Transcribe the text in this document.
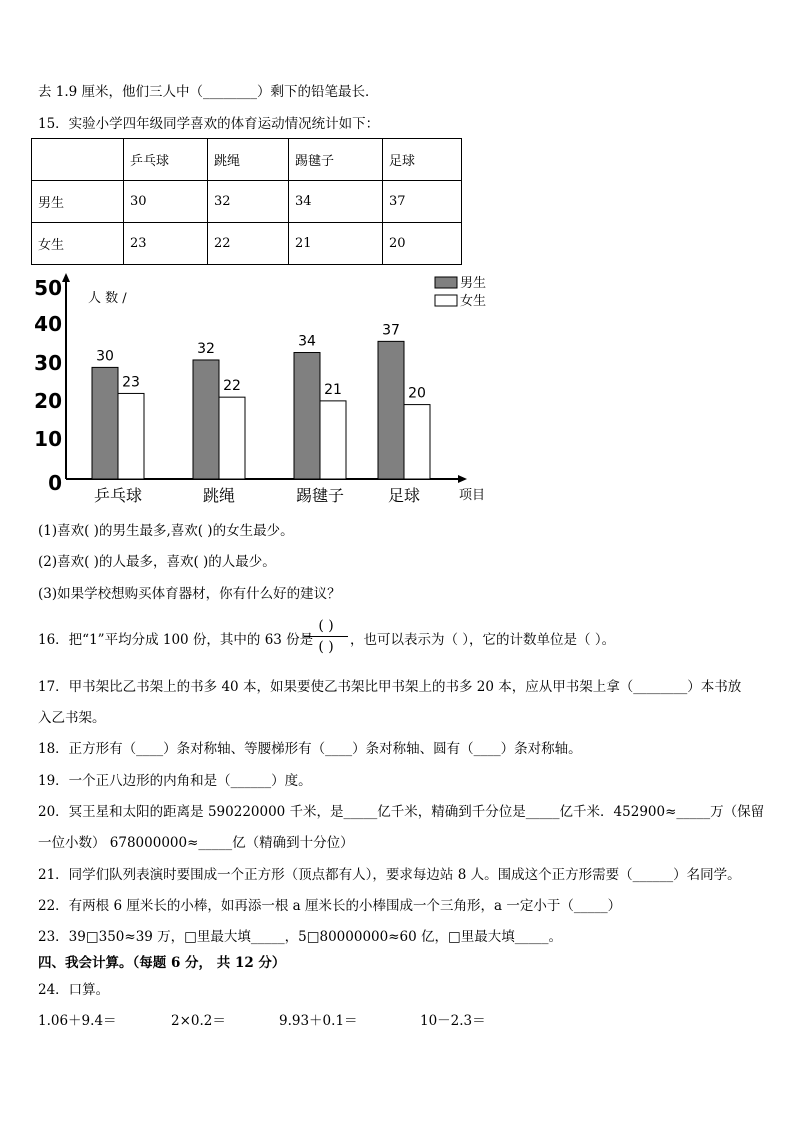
去 1.9 厘米，他们三人中（________）剩下的铅笔最长．
15．实验小学四年级同学喜欢的体育运动情况统计如下：
	乒乓球	跳绳	踢毽子	足球
男生	30	32	34	37
女生	23	22	21	20
0
10
20
30
40
50 人 数 /
项目
30
23
乒乓球
32
22
跳绳
34
21
踢毽子
37
20
足球
男生
女生
(1)喜欢( )的男生最多,喜欢( )的女生最少。
(2)喜欢( )的人最多，喜欢( )的人最少。
(3)如果学校想购买体育器材，你有什么好的建议？
16．把“1”平均分成 100 份，其中的 63 份是
( )
( )	，也可以表示为（ ），它的计数单位是（ ）。
17．甲书架比乙书架上的书多 40 本，如果要使乙书架比甲书架上的书多 20 本，应从甲书架上拿（________）本书放
入乙书架。
18．正方形有（____）条对称轴、等腰梯形有（____）条对称轴、圆有（____）条对称轴。
19．一个正八边形的内角和是（______）度。
20．冥王星和太阳的距离是 590220000 千米，是_____亿千米，精确到千分位是_____亿千米．452900≈_____万（保留
一位小数） 678000000≈_____亿（精确到十分位）
21．同学们队列表演时要围成一个正方形（顶点都有人），要求每边站 8 人。围成这个正方形需要（______）名同学。
22．有两根 6 厘米长的小棒，如再添一根 a 厘米长的小棒围成一个三角形，a 一定小于（_____）
23．39□350≈39 万，□里最大填_____，5□80000000≈60 亿，□里最大填_____。
四、我会计算。（每题 6 分， 共 12 分）
24．口算。
1.06＋9.4＝	2×0.2＝	9.93＋0.1＝	10－2.3＝
